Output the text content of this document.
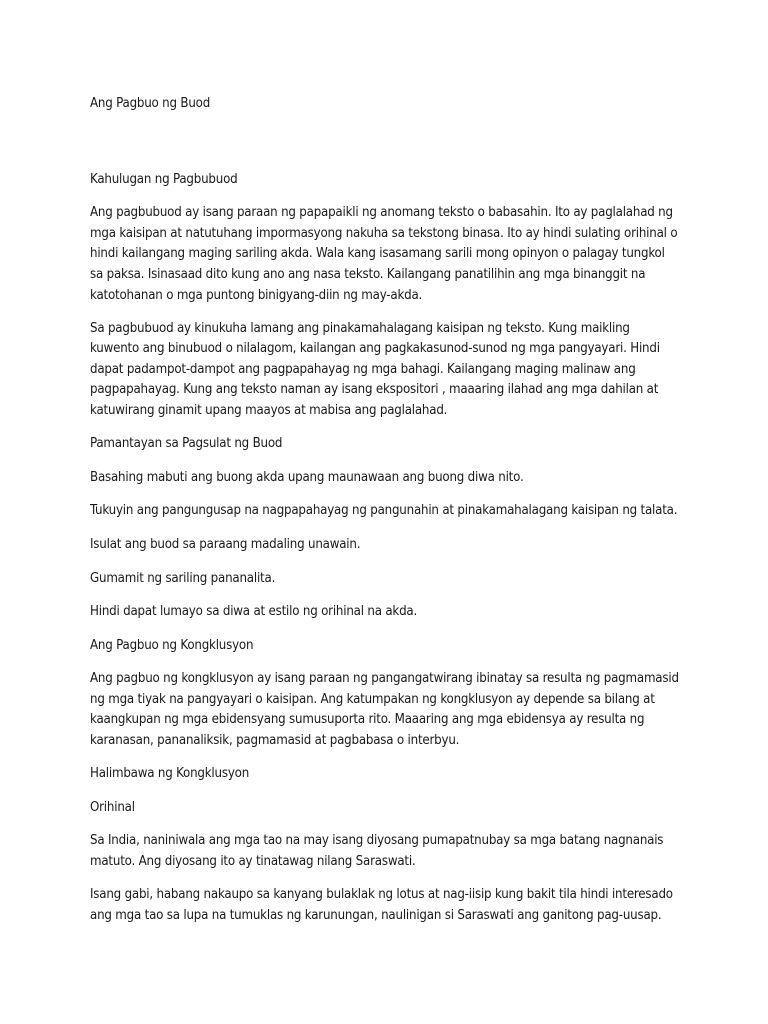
Ang Pagbuo ng Buod

Kahulugan ng Pagbubuod

Ang pagbubuod ay isang paraan ng papapaikli ng anomang teksto o babasahin. Ito ay paglalahad ng mga kaisipan at natutuhang impormasyong nakuha sa tekstong binasa. Ito ay hindi sulating orihinal o hindi kailangang maging sariling akda. Wala kang isasamang sarili mong opinyon o palagay tungkol sa paksa. Isinasaad dito kung ano ang nasa teksto. Kailangang panatilihin ang mga binanggit na katotohanan o mga puntong binigyang-diin ng may-akda.

Sa pagbubuod ay kinukuha lamang ang pinakamahalagang kaisipan ng teksto. Kung maikling kuwento ang binubuod o nilalagom, kailangan ang pagkakasunod-sunod ng mga pangyayari. Hindi dapat padampot-dampot ang pagpapahayag ng mga bahagi. Kailangang maging malinaw ang pagpapahayag. Kung ang teksto naman ay isang ekspositori , maaaring ilahad ang mga dahilan at katuwirang ginamit upang maayos at mabisa ang paglalahad.

Pamantayan sa Pagsulat ng Buod

Basahing mabuti ang buong akda upang maunawaan ang buong diwa nito.

Tukuyin ang pangungusap na nagpapahayag ng pangunahin at pinakamahalagang kaisipan ng talata.

Isulat ang buod sa paraang madaling unawain.

Gumamit ng sariling pananalita.

Hindi dapat lumayo sa diwa at estilo ng orihinal na akda.

Ang Pagbuo ng Kongklusyon

Ang pagbuo ng kongklusyon ay isang paraan ng pangangatwirang ibinatay sa resulta ng pagmamasid ng mga tiyak na pangyayari o kaisipan. Ang katumpakan ng kongklusyon ay depende sa bilang at kaangkupan ng mga ebidensyang sumusuporta rito. Maaaring ang mga ebidensya ay resulta ng karanasan, pananaliksik, pagmamasid at pagbabasa o interbyu.

Halimbawa ng Kongklusyon

Orihinal

Sa India, naniniwala ang mga tao na may isang diyosang pumapatnubay sa mga batang nagnanais matuto. Ang diyosang ito ay tinatawag nilang Saraswati.

Isang gabi, habang nakaupo sa kanyang bulaklak ng lotus at nag-iisip kung bakit tila hindi interesado ang mga tao sa lupa na tumuklas ng karunungan, naulinigan si Saraswati ang ganitong pag-uusap.
